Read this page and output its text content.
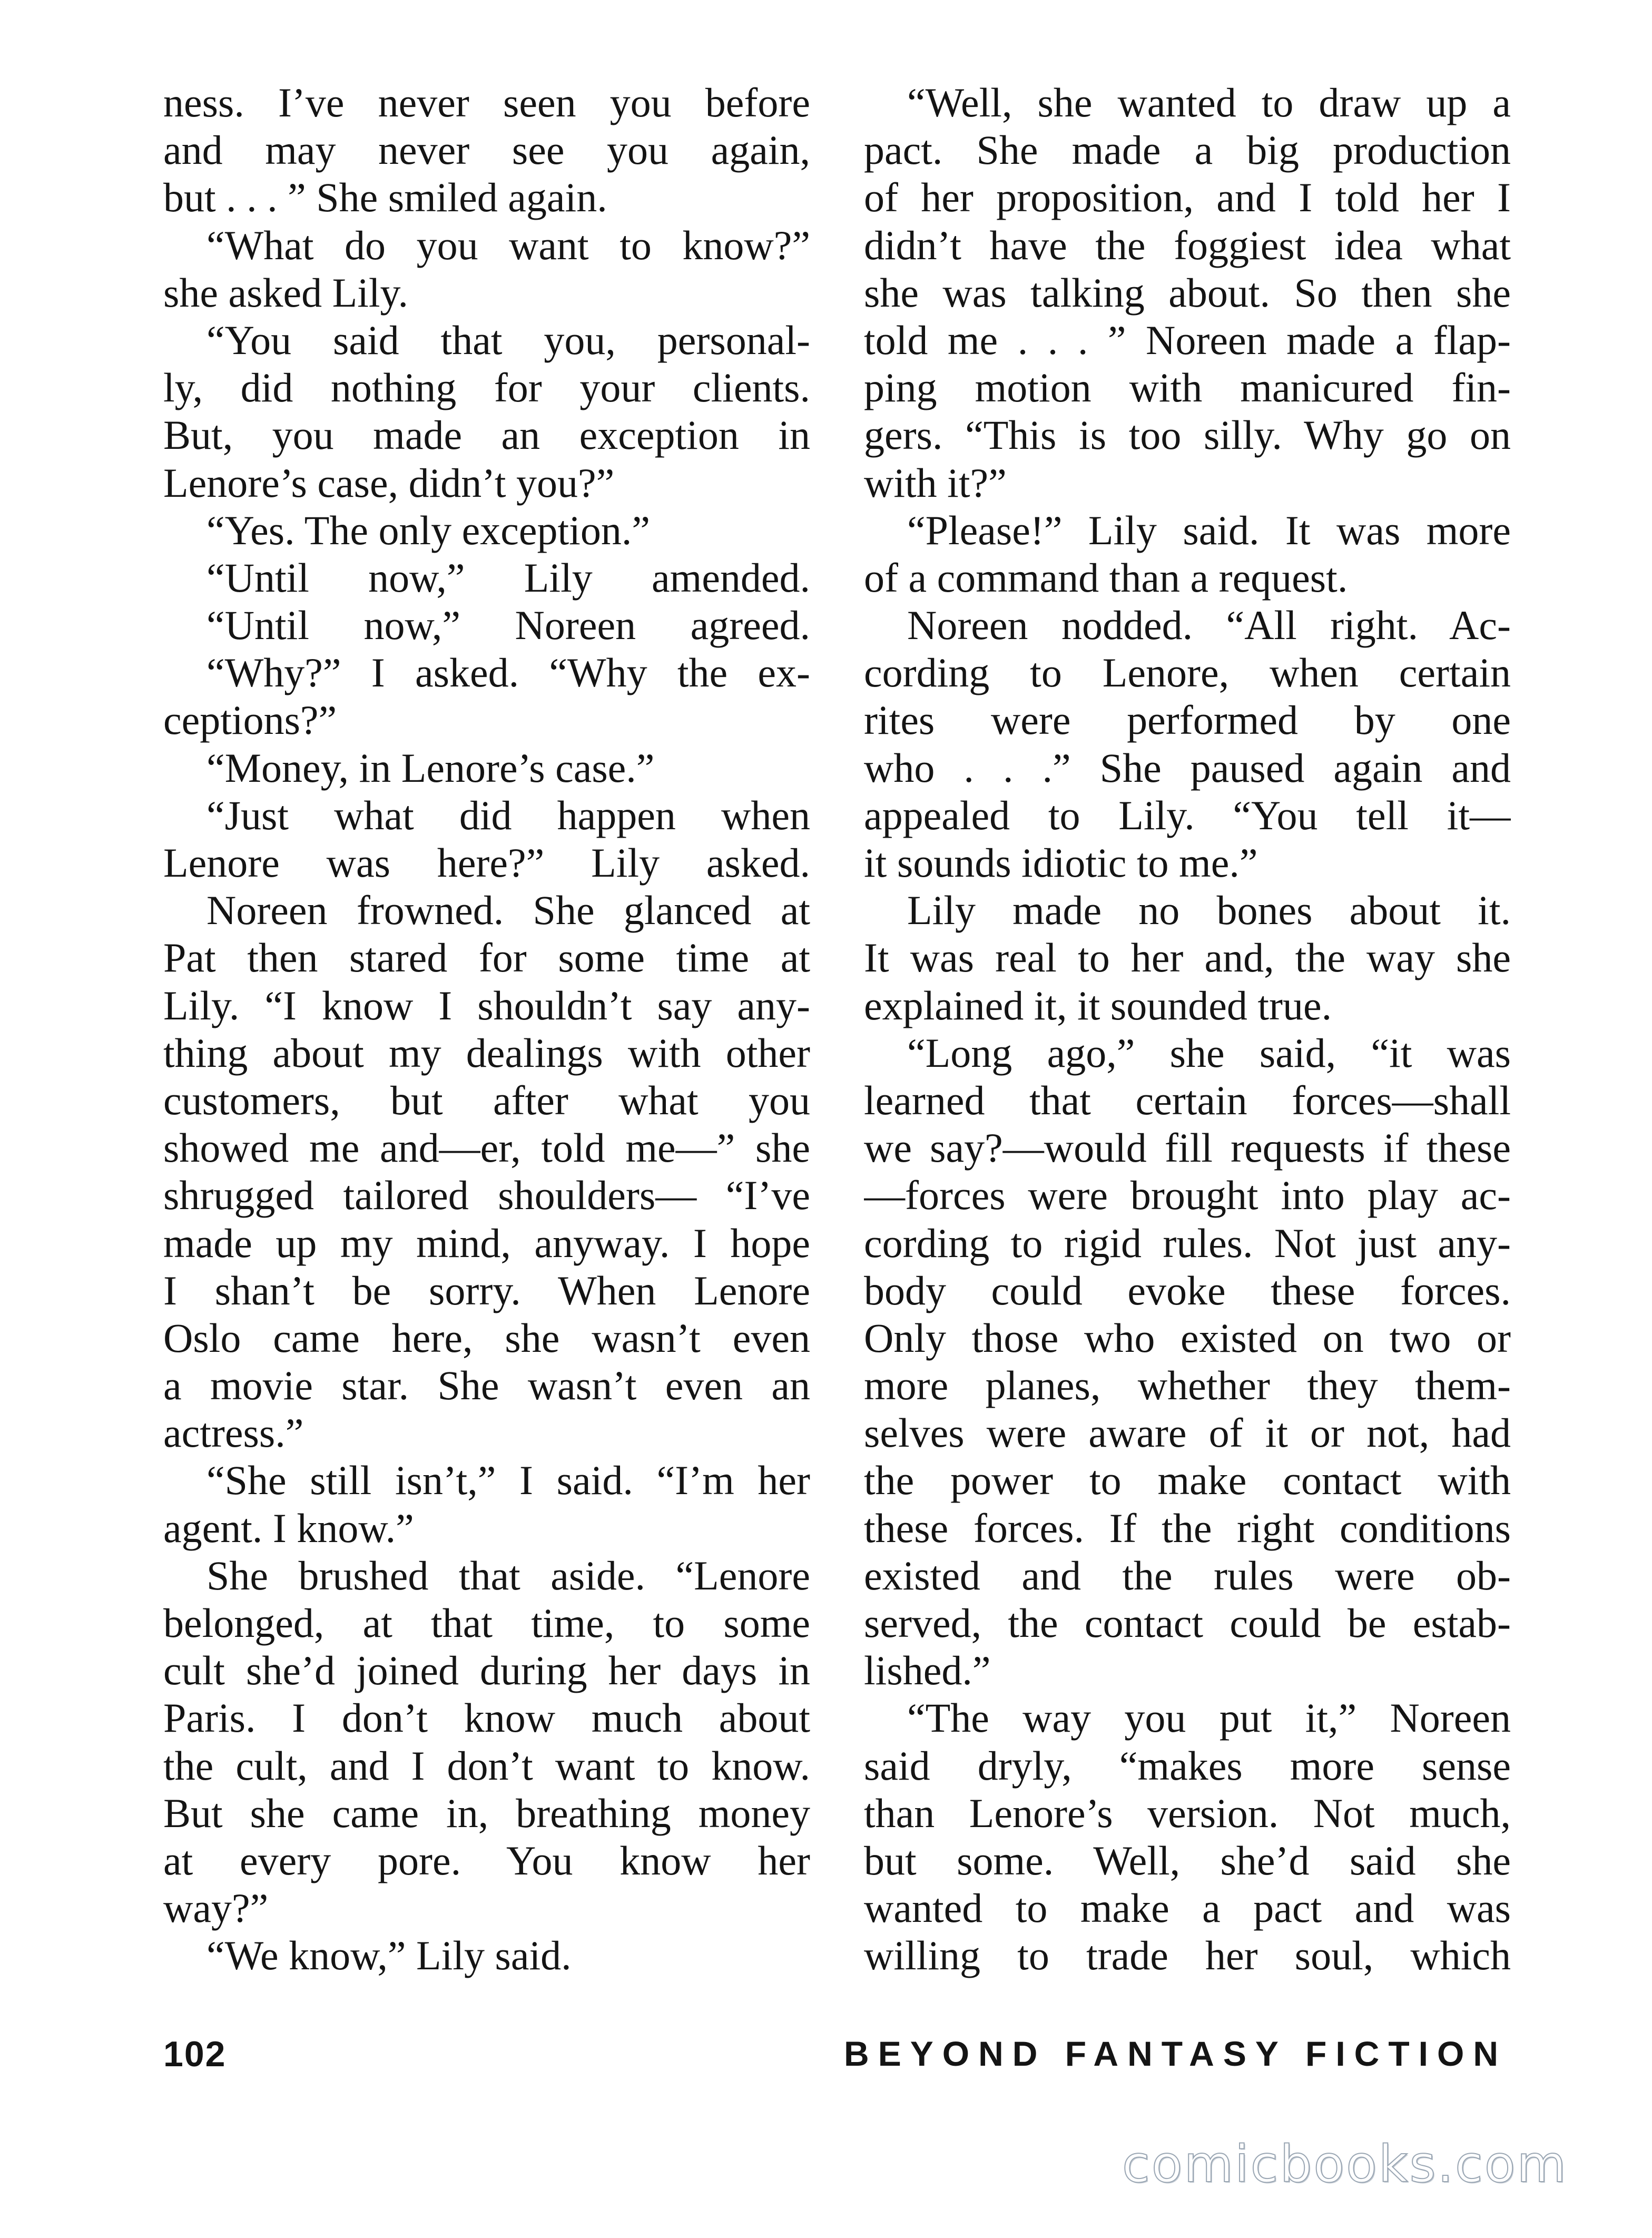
ness. I’ve never seen you before
and may never see you again,
but . . . ” She smiled again.
“What do you want to know?”
she asked Lily.
“You said that you, personal-
ly, did nothing for your clients.
But, you made an exception in
Lenore’s case, didn’t you?”
“Yes. The only exception.”
“Until now,” Lily amended.
“Until now,” Noreen agreed.
“Why?” I asked. “Why the ex-
ceptions?”
“Money, in Lenore’s case.”
“Just what did happen when
Lenore was here?” Lily asked.
Noreen frowned. She glanced at
Pat then stared for some time at
Lily. “I know I shouldn’t say any-
thing about my dealings with other
customers, but after what you
showed me and—er, told me—” she
shrugged tailored shoulders— “I’ve
made up my mind, anyway. I hope
I shan’t be sorry. When Lenore
Oslo came here, she wasn’t even
a movie star. She wasn’t even an
actress.”
“She still isn’t,” I said. “I’m her
agent. I know.”
She brushed that aside. “Lenore
belonged, at that time, to some
cult she’d joined during her days in
Paris. I don’t know much about
the cult, and I don’t want to know.
But she came in, breathing money
at every pore. You know her
way?”
“We know,” Lily said.
“Well, she wanted to draw up a
pact. She made a big production
of her proposition, and I told her I
didn’t have the foggiest idea what
she was talking about. So then she
told me . . . ” Noreen made a flap-
ping motion with manicured fin-
gers. “This is too silly. Why go on
with it?”
“Please!” Lily said. It was more
of a command than a request.
Noreen nodded. “All right. Ac-
cording to Lenore, when certain
rites were performed by one
who . . .” She paused again and
appealed to Lily. “You tell it—
it sounds idiotic to me.”
Lily made no bones about it.
It was real to her and, the way she
explained it, it sounded true.
“Long ago,” she said, “it was
learned that certain forces—shall
we say?—would fill requests if these
—forces were brought into play ac-
cording to rigid rules. Not just any-
body could evoke these forces.
Only those who existed on two or
more planes, whether they them-
selves were aware of it or not, had
the power to make contact with
these forces. If the right conditions
existed and the rules were ob-
served, the contact could be estab-
lished.”
“The way you put it,” Noreen
said dryly, “makes more sense
than Lenore’s version. Not much,
but some. Well, she’d said she
wanted to make a pact and was
willing to trade her soul, which
102	BEYOND FANTASY FICTION
comicbooks.com
